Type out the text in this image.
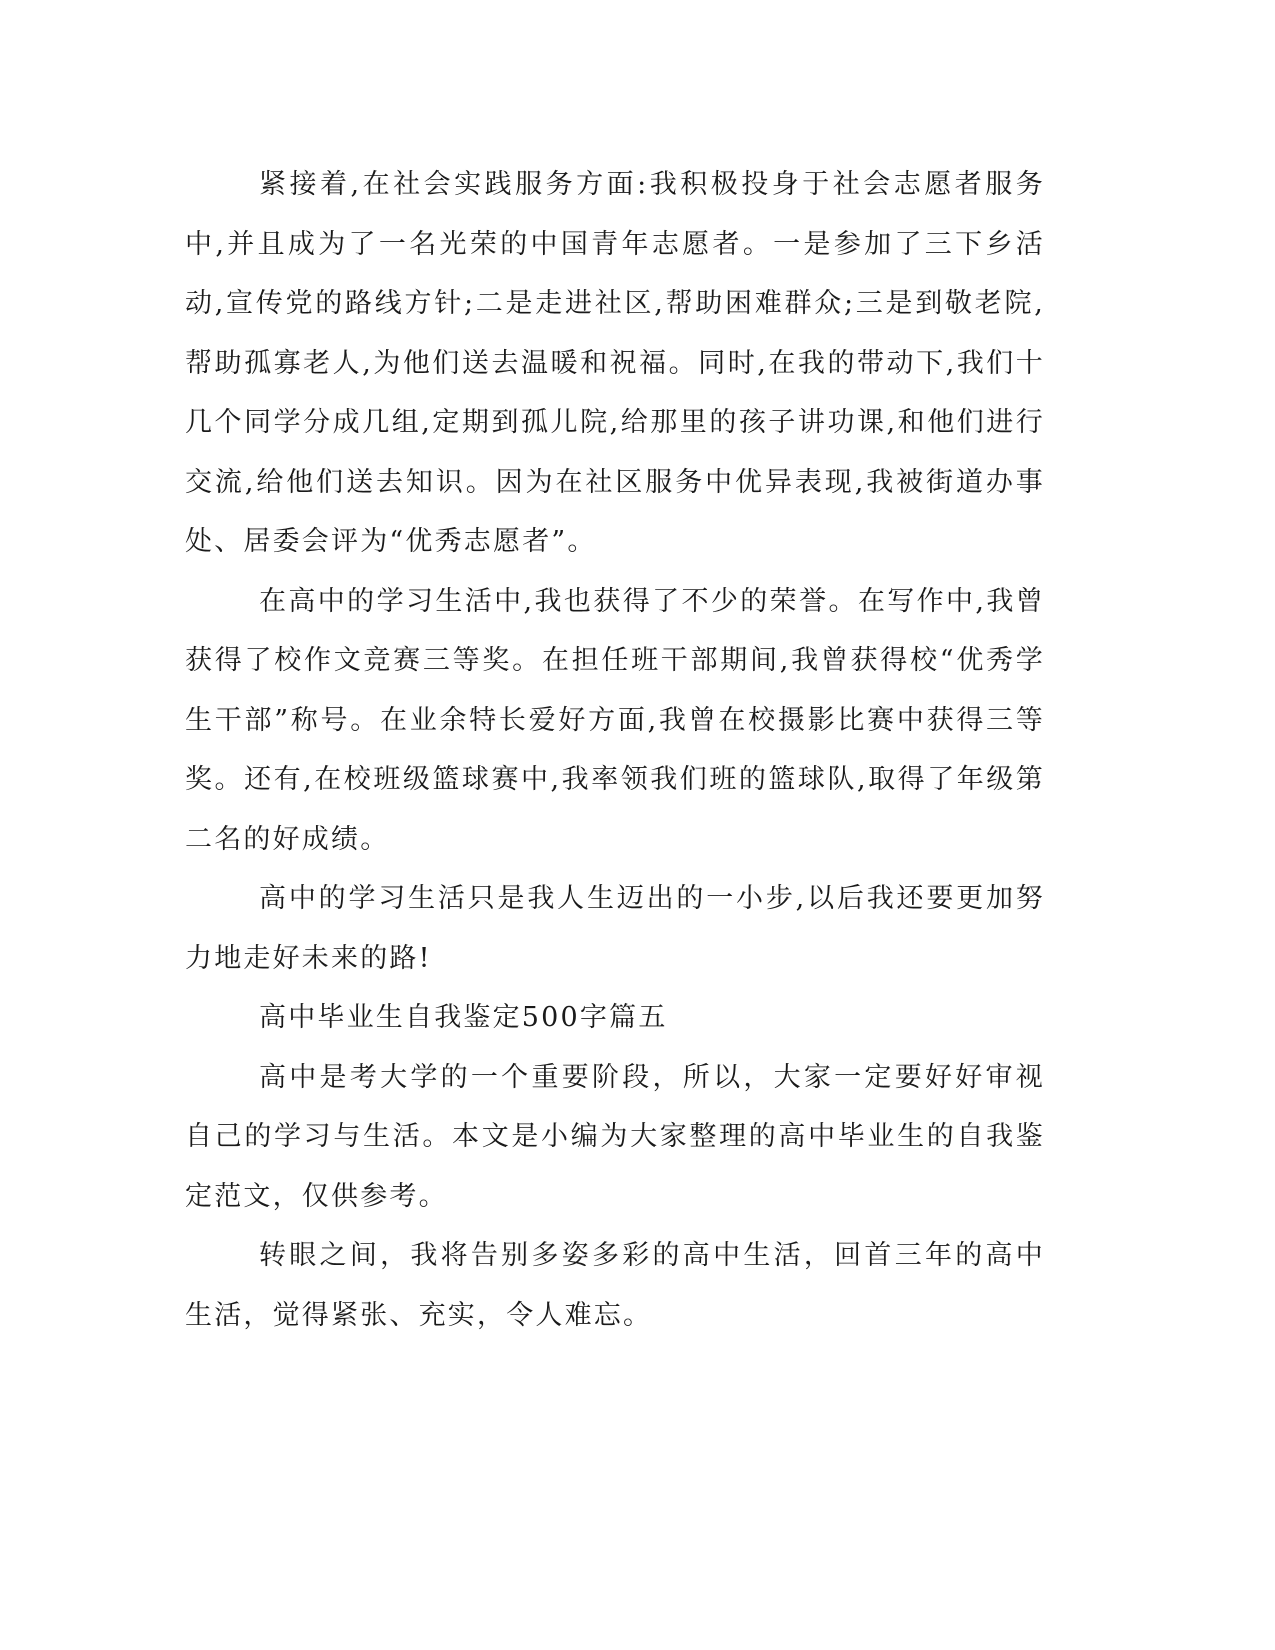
紧接着,在社会实践服务方面:我积极投身于社会志愿者服务中,并且成为了一名光荣的中国青年志愿者。一是参加了三下乡活动,宣传党的路线方针;二是走进社区,帮助困难群众;三是到敬老院,帮助孤寡老人,为他们送去温暖和祝福。同时,在我的带动下,我们十几个同学分成几组,定期到孤儿院,给那里的孩子讲功课,和他们进行交流,给他们送去知识。因为在社区服务中优异表现,我被街道办事处、居委会评为“优秀志愿者”。

在高中的学习生活中,我也获得了不少的荣誉。在写作中,我曾获得了校作文竞赛三等奖。在担任班干部期间,我曾获得校“优秀学生干部”称号。在业余特长爱好方面,我曾在校摄影比赛中获得三等奖。还有,在校班级篮球赛中,我率领我们班的篮球队,取得了年级第二名的好成绩。

高中的学习生活只是我人生迈出的一小步,以后我还要更加努力地走好未来的路!

高中毕业生自我鉴定500字篇五

高中是考大学的一个重要阶段，所以，大家一定要好好审视自己的学习与生活。本文是小编为大家整理的高中毕业生的自我鉴定范文，仅供参考。

转眼之间，我将告别多姿多彩的高中生活，回首三年的高中生活，觉得紧张、充实，令人难忘。
